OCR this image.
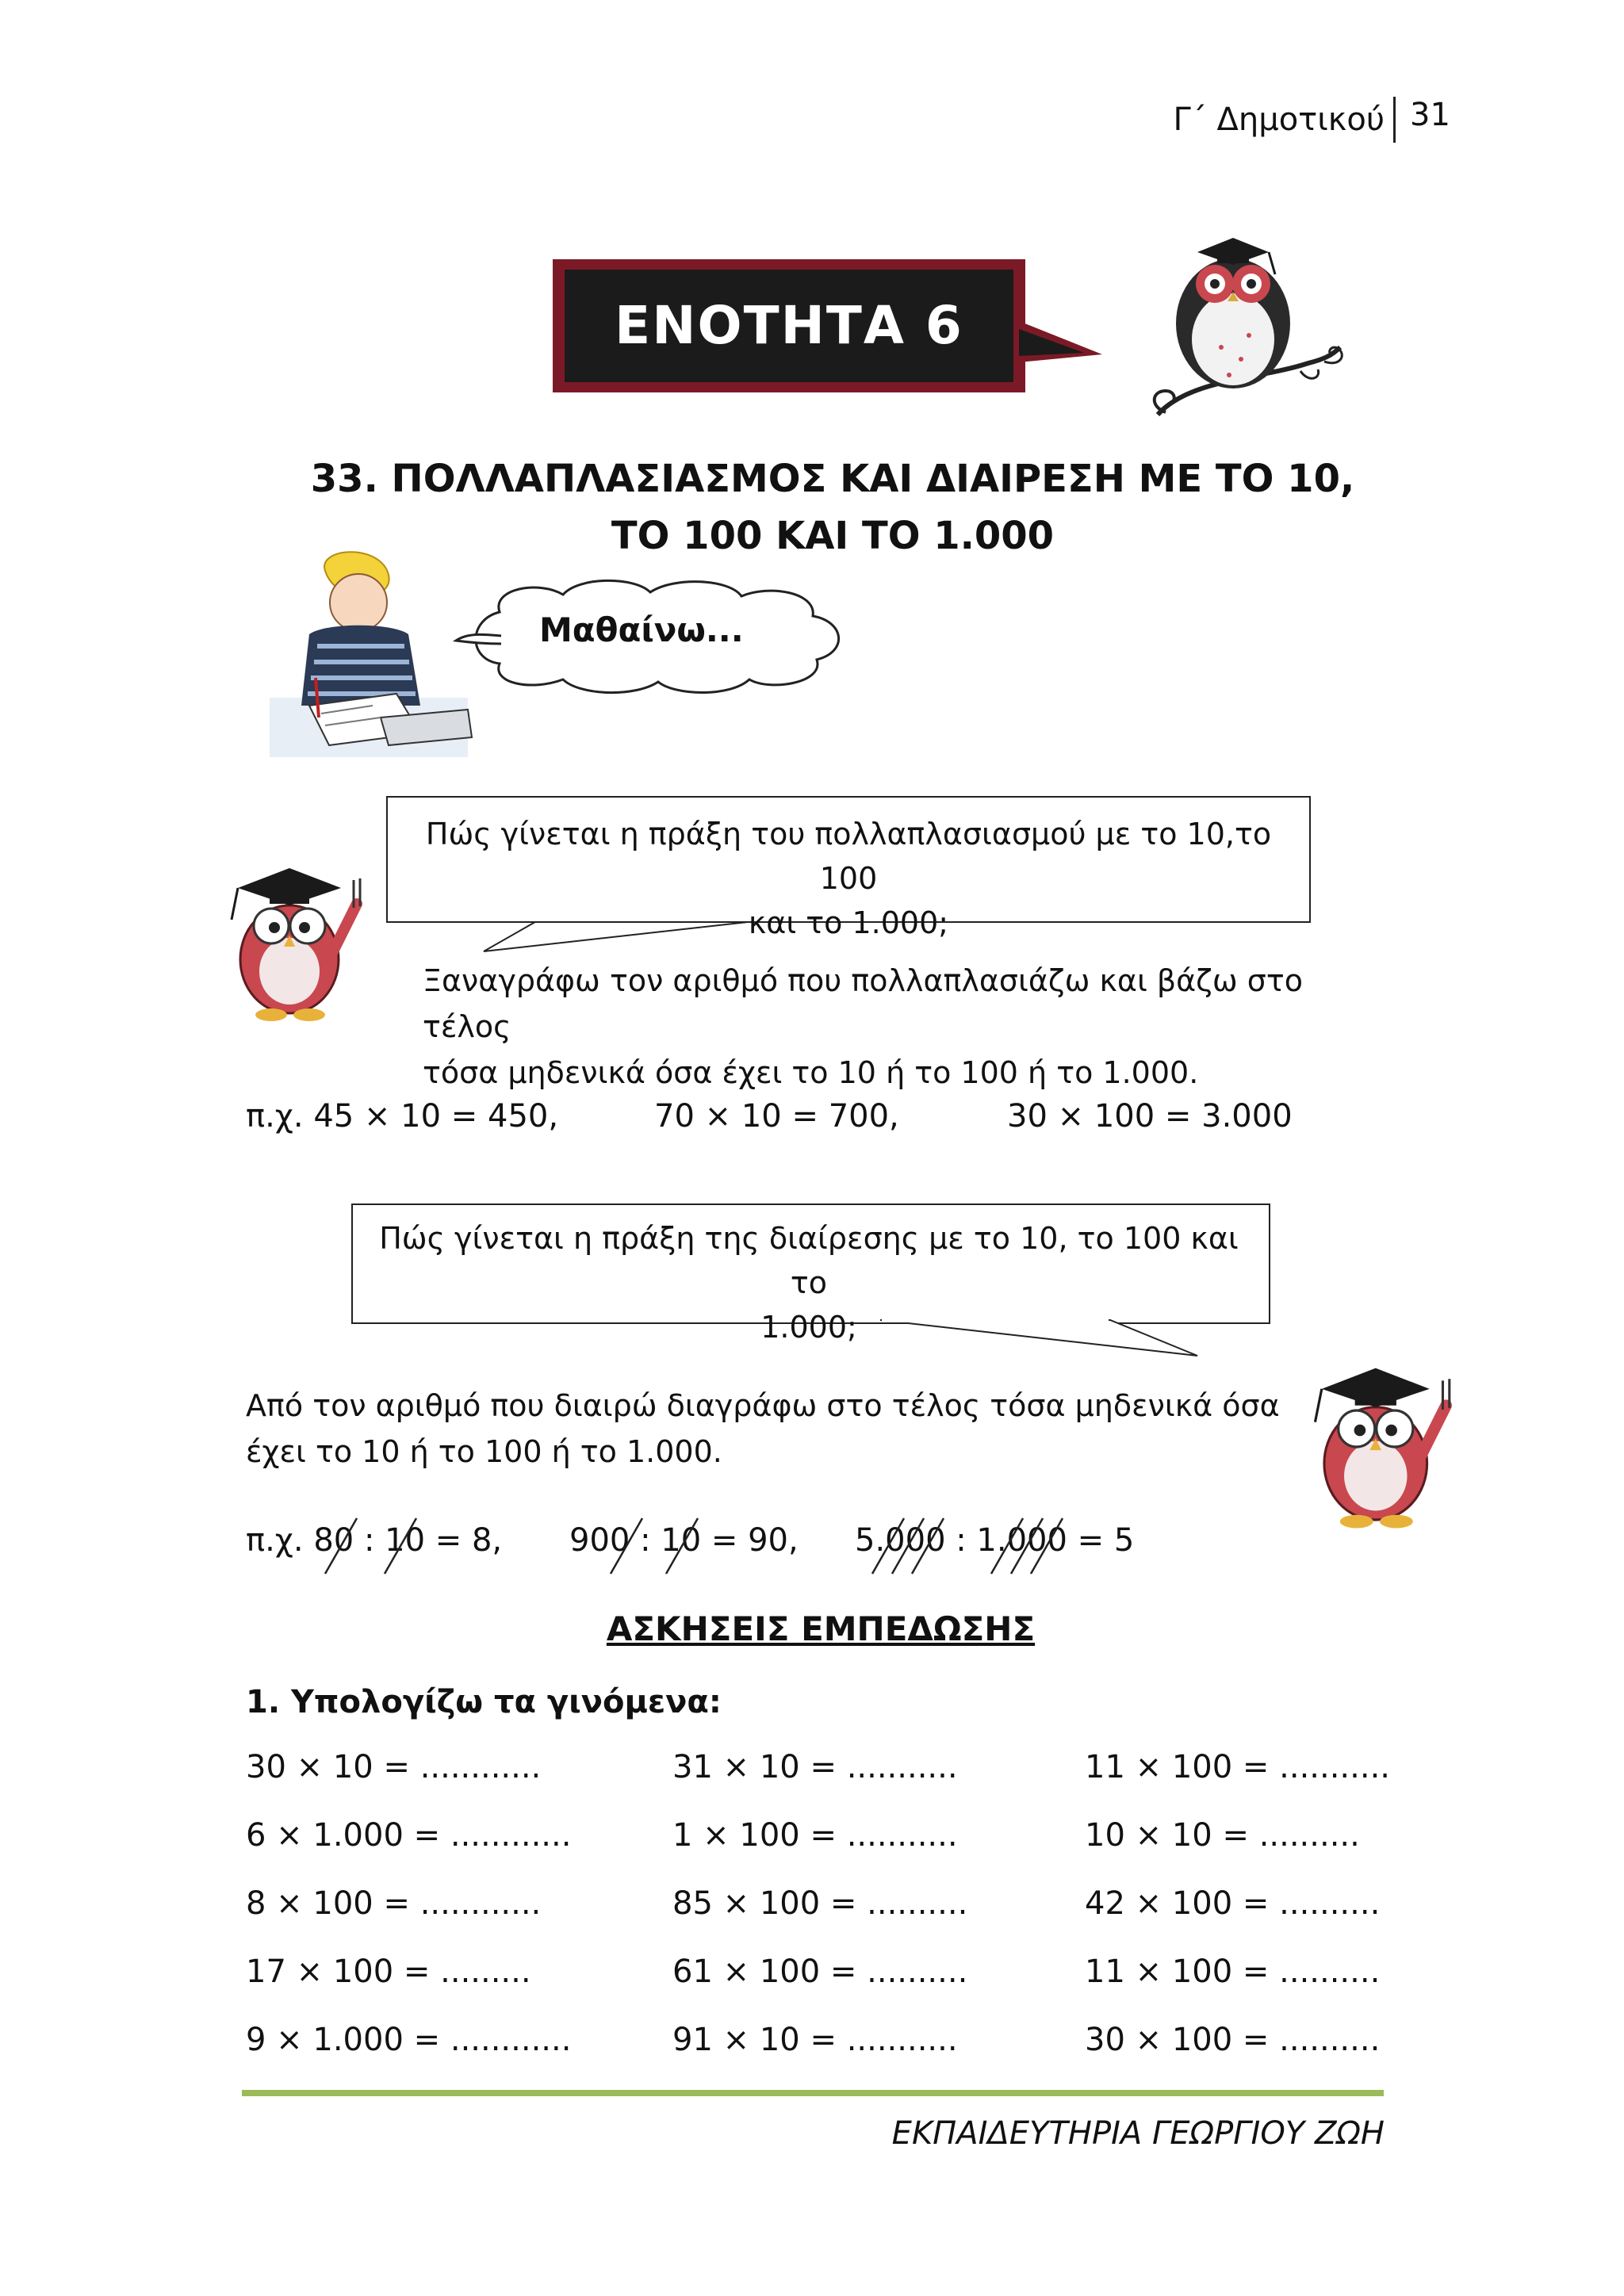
Γ΄ Δημοτικού 31
ΕΝΟΤΗΤΑ 6
33. ΠΟΛΛΑΠΛΑΣΙΑΣΜΟΣ ΚΑΙ ΔΙΑΙΡΕΣΗ ΜΕ ΤΟ 10,
ΤΟ 100 ΚΑΙ ΤΟ 1.000
Μαθαίνω...
Πώς γίνεται η πράξη του πολλαπλασιασμού με το 10,το 100
και το 1.000;
Ξαναγράφω τον αριθμό που πολλαπλασιάζω και βάζω στο τέλος
τόσα μηδενικά όσα έχει το 10 ή το 100 ή το 1.000.
π.χ. 45 × 10 = 450,	70 × 10 = 700,	30 × 100 = 3.000
Πώς γίνεται η πράξη της διαίρεσης με το 10, το 100 και το
1.000;
Από τον αριθμό που διαιρώ διαγράφω στο τέλος τόσα μηδενικά όσα
έχει το 10 ή το 100 ή το 1.000.
π.χ. 80 : 10 = 8, 900 : 10 = 90, 5.000 : 1.000 = 5
ΑΣΚΗΣΕΙΣ ΕΜΠΕΔΩΣΗΣ
1. Υπολογίζω τα γινόμενα:
30 × 10 = ............	31 × 10 = ...........	11 × 100 = ...........
6 × 1.000 = ............	1 × 100 = ...........	10 × 10 = ..........
8 × 100 = ............	85 × 100 = ..........	42 × 100 = ..........
17 × 100 = .........	61 × 100 = ..........	11 × 100 = ..........
9 × 1.000 = ............	91 × 10 = ...........	30 × 100 = ..........
ΕΚΠΑΙΔΕΥΤΗΡΙΑ ΓΕΩΡΓΙΟΥ ΖΩΗ
